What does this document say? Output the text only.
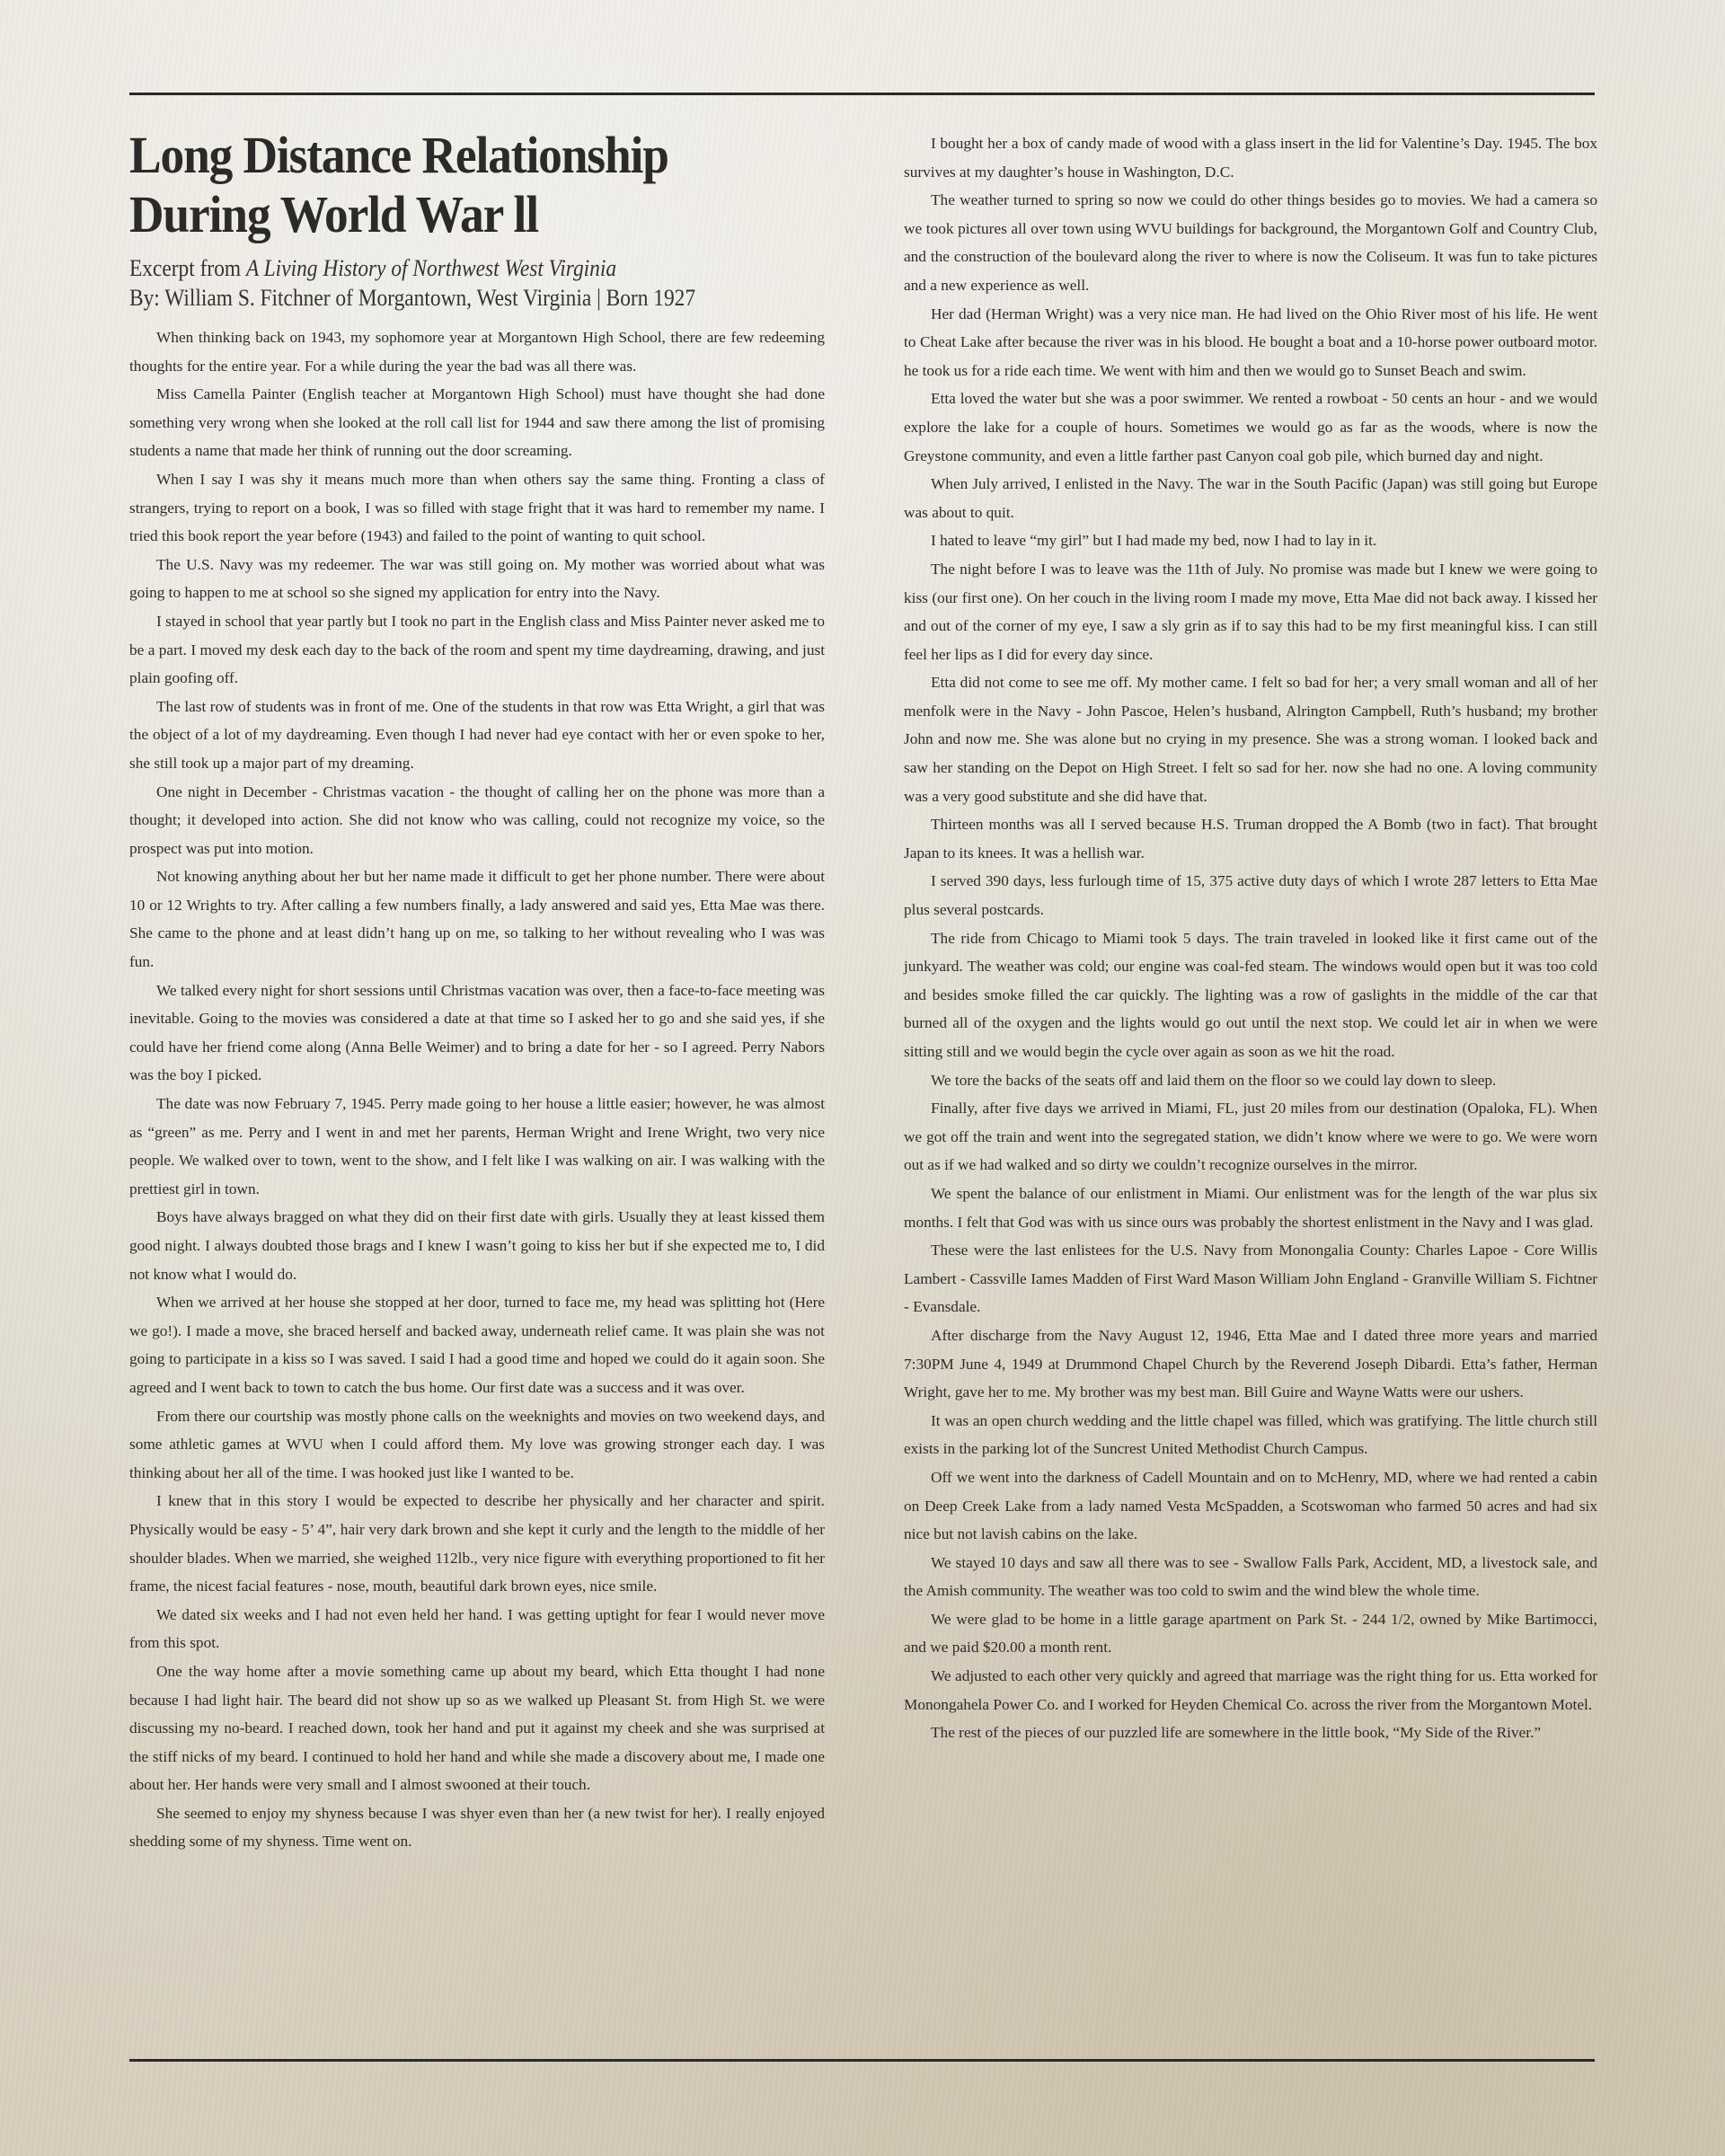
Long Distance Relationship
During World War ll
Excerpt from A Living History of Northwest West Virginia
By: William S. Fitchner of Morgantown, West Virginia | Born 1927

When thinking back on 1943, my sophomore year at Morgantown High School, there are few redeeming thoughts for the entire year. For a while during the year the bad was all there was.

Miss Camella Painter (English teacher at Morgantown High School) must have thought she had done something very wrong when she looked at the roll call list for 1944 and saw there among the list of promising students a name that made her think of running out the door screaming.

When I say I was shy it means much more than when others say the same thing. Fronting a class of strangers, trying to report on a book, I was so filled with stage fright that it was hard to remember my name. I tried this book report the year before (1943) and failed to the point of wanting to quit school.

The U.S. Navy was my redeemer. The war was still going on. My mother was worried about what was going to happen to me at school so she signed my application for entry into the Navy.

I stayed in school that year partly but I took no part in the English class and Miss Painter never asked me to be a part. I moved my desk each day to the back of the room and spent my time daydreaming, drawing, and just plain goofing off.

The last row of students was in front of me. One of the students in that row was Etta Wright, a girl that was the object of a lot of my daydreaming. Even though I had never had eye contact with her or even spoke to her, she still took up a major part of my dreaming.

One night in December - Christmas vacation - the thought of calling her on the phone was more than a thought; it developed into action. She did not know who was calling, could not recognize my voice, so the prospect was put into motion.

Not knowing anything about her but her name made it difficult to get her phone number. There were about 10 or 12 Wrights to try. After calling a few numbers finally, a lady answered and said yes, Etta Mae was there. She came to the phone and at least didn’t hang up on me, so talking to her without revealing who I was was fun.

We talked every night for short sessions until Christmas vacation was over, then a face-to-face meeting was inevitable. Going to the movies was considered a date at that time so I asked her to go and she said yes, if she could have her friend come along (Anna Belle Weimer) and to bring a date for her - so I agreed. Perry Nabors was the boy I picked.

The date was now February 7, 1945. Perry made going to her house a little easier; however, he was almost as “green” as me. Perry and I went in and met her parents, Herman Wright and Irene Wright, two very nice people. We walked over to town, went to the show, and I felt like I was walking on air. I was walking with the prettiest girl in town.

Boys have always bragged on what they did on their first date with girls. Usually they at least kissed them good night. I always doubted those brags and I knew I wasn’t going to kiss her but if she expected me to, I did not know what I would do.

When we arrived at her house she stopped at her door, turned to face me, my head was splitting hot (Here we go!). I made a move, she braced herself and backed away, underneath relief came. It was plain she was not going to participate in a kiss so I was saved. I said I had a good time and hoped we could do it again soon. She agreed and I went back to town to catch the bus home. Our first date was a success and it was over.

From there our courtship was mostly phone calls on the weeknights and movies on two weekend days, and some athletic games at WVU when I could afford them. My love was growing stronger each day. I was thinking about her all of the time. I was hooked just like I wanted to be.

I knew that in this story I would be expected to describe her physically and her character and spirit. Physically would be easy - 5’ 4”, hair very dark brown and she kept it curly and the length to the middle of her shoulder blades. When we married, she weighed 112lb., very nice figure with everything proportioned to fit her frame, the nicest facial features - nose, mouth, beautiful dark brown eyes, nice smile.

We dated six weeks and I had not even held her hand. I was getting uptight for fear I would never move from this spot.

One the way home after a movie something came up about my beard, which Etta thought I had none because I had light hair. The beard did not show up so as we walked up Pleasant St. from High St. we were discussing my no-beard. I reached down, took her hand and put it against my cheek and she was surprised at the stiff nicks of my beard. I continued to hold her hand and while she made a discovery about me, I made one about her. Her hands were very small and I almost swooned at their touch.

She seemed to enjoy my shyness because I was shyer even than her (a new twist for her). I really enjoyed shedding some of my shyness. Time went on.

I bought her a box of candy made of wood with a glass insert in the lid for Valentine’s Day. 1945. The box survives at my daughter’s house in Washington, D.C.

The weather turned to spring so now we could do other things besides go to movies. We had a camera so we took pictures all over town using WVU buildings for background, the Morgantown Golf and Country Club, and the construction of the boulevard along the river to where is now the Coliseum. It was fun to take pictures and a new experience as well.

Her dad (Herman Wright) was a very nice man. He had lived on the Ohio River most of his life. He went to Cheat Lake after because the river was in his blood. He bought a boat and a 10-horse power outboard motor. he took us for a ride each time. We went with him and then we would go to Sunset Beach and swim.

Etta loved the water but she was a poor swimmer. We rented a rowboat - 50 cents an hour - and we would explore the lake for a couple of hours. Sometimes we would go as far as the woods, where is now the Greystone community, and even a little farther past Canyon coal gob pile, which burned day and night.

When July arrived, I enlisted in the Navy. The war in the South Pacific (Japan) was still going but Europe was about to quit.

I hated to leave “my girl” but I had made my bed, now I had to lay in it.

The night before I was to leave was the 11th of July. No promise was made but I knew we were going to kiss (our first one). On her couch in the living room I made my move, Etta Mae did not back away. I kissed her and out of the corner of my eye, I saw a sly grin as if to say this had to be my first meaningful kiss. I can still feel her lips as I did for every day since.

Etta did not come to see me off. My mother came. I felt so bad for her; a very small woman and all of her menfolk were in the Navy - John Pascoe, Helen’s husband, Alrington Campbell, Ruth’s husband; my brother John and now me. She was alone but no crying in my presence. She was a strong woman. I looked back and saw her standing on the Depot on High Street. I felt so sad for her. now she had no one. A loving community was a very good substitute and she did have that.

Thirteen months was all I served because H.S. Truman dropped the A Bomb (two in fact). That brought Japan to its knees. It was a hellish war.

I served 390 days, less furlough time of 15, 375 active duty days of which I wrote 287 letters to Etta Mae plus several postcards.

The ride from Chicago to Miami took 5 days. The train traveled in looked like it first came out of the junkyard. The weather was cold; our engine was coal-fed steam. The windows would open but it was too cold and besides smoke filled the car quickly. The lighting was a row of gaslights in the middle of the car that burned all of the oxygen and the lights would go out until the next stop. We could let air in when we were sitting still and we would begin the cycle over again as soon as we hit the road.

We tore the backs of the seats off and laid them on the floor so we could lay down to sleep.

Finally, after five days we arrived in Miami, FL, just 20 miles from our destination (Opaloka, FL). When we got off the train and went into the segregated station, we didn’t know where we were to go. We were worn out as if we had walked and so dirty we couldn’t recognize ourselves in the mirror.

We spent the balance of our enlistment in Miami. Our enlistment was for the length of the war plus six months. I felt that God was with us since ours was probably the shortest enlistment in the Navy and I was glad.

These were the last enlistees for the U.S. Navy from Monongalia County: Charles Lapoe - Core Willis Lambert - Cassville Iames Madden of First Ward Mason William John England - Granville William S. Fichtner - Evansdale.

After discharge from the Navy August 12, 1946, Etta Mae and I dated three more years and married 7:30PM June 4, 1949 at Drummond Chapel Church by the Reverend Joseph Dibardi. Etta’s father, Herman Wright, gave her to me. My brother was my best man. Bill Guire and Wayne Watts were our ushers.

It was an open church wedding and the little chapel was filled, which was gratifying. The little church still exists in the parking lot of the Suncrest United Methodist Church Campus.

Off we went into the darkness of Cadell Mountain and on to McHenry, MD, where we had rented a cabin on Deep Creek Lake from a lady named Vesta McSpadden, a Scotswoman who farmed 50 acres and had six nice but not lavish cabins on the lake.

We stayed 10 days and saw all there was to see - Swallow Falls Park, Accident, MD, a livestock sale, and the Amish community. The weather was too cold to swim and the wind blew the whole time.

We were glad to be home in a little garage apartment on Park St. - 244 1/2, owned by Mike Bartimocci, and we paid $20.00 a month rent.

We adjusted to each other very quickly and agreed that marriage was the right thing for us. Etta worked for Monongahela Power Co. and I worked for Heyden Chemical Co. across the river from the Morgantown Motel.

The rest of the pieces of our puzzled life are somewhere in the little book, “My Side of the River.”
